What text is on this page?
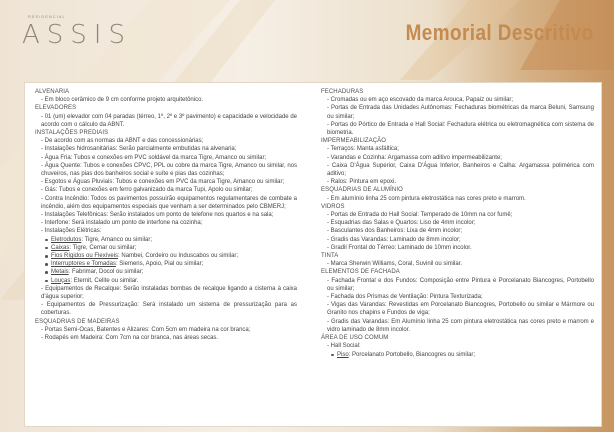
RESIDENCIAL
ASSIS	Memorial Descritivo
ALVENARIA
- Em bloco cerâmico de 9 cm conforme projeto arquitetônico.
ELEVADORES
- 01 (um) elevador com 04 paradas (térreo, 1º, 2º e 3º pavimento) e capacidade e velocidade de acordo com o cálculo da ABNT.
INSTALAÇÕES PREDIAIS
- De acordo com as normas da ABNT e das concessionárias;
- Instalações hidrosanitárias: Serão parcialmente embutidas na alvenaria;
- Água Fria: Tubos e conexões em PVC soldável da marca Tigre, Amanco ou similar;
- Água Quente: Tubos e conexões CPVC, PPL ou cobre da marca Tigre, Amanco ou similar, nos chuveiros, nas pias dos banheiros social e suíte e pias das cozinhas;
- Esgotos e Águas Pluviais: Tubos e conexões em PVC da marca Tigre, Amanco ou similar;
- Gás: Tubos e conexões em ferro galvanizado da marca Tupi, Apolo ou similar;
- Contra Incêndio: Todos os pavimentos possuirão equipamentos regulamentares de combate a incêndio, além dos equipamentos especiais que venham a ser determinados pelo CBMERJ;
- Instalações Telefônicas: Serão instalados um ponto de telefone nos quartos e na sala;
- Interfone: Será instalado um ponto de interfone na cozinha;
- Instalações Elétricas:
Eletrodutos: Tigre, Amanco ou similar;
Caixas: Tigre, Cemar ou similar;
Fios Rígidos ou Flexíveis: Nambei, Cordeiro ou Induscabos ou similar;
Interruptores e Tomadas: Siemens, Apoio, Pial ou similar;
Metais: Fabrimar, Docol ou similar;
Louças: Eternit, Celite ou similar.
- Equipamentos de Recalque: Serão instaladas bombas de recalque ligando a cisterna à caixa d'água superior;
- Equipamentos de Pressurização: Será instalado um sistema de pressurização para as coberturas.
ESQUADRIAS DE MADEIRAS
- Portas Semi-Ocas, Batentes e Alizares: Com 5cm em madeira na cor branca;
- Rodapés em Madeira: Com 7cm na cor branca, nas áreas secas.
FECHADURAS
- Cromadas ou em aço escovado da marca Arouca, Papaiz ou similar;
- Portas de Entrada das Unidades Autônomas: Fechaduras biométricas da marca Beluni, Samsung ou similar;
- Portas do Pórtico de Entrada e Hall Social: Fechadura elétrica ou eletromagnética com sistema de biometria.
IMPERMEABILIZAÇÃO
- Terraços: Manta asfáltica;
- Varandas e Cozinha: Argamassa com aditivo impermeabilizante;
- Caixa D'Água Superior, Caixa D'Água Inferior, Banheiros e Calha: Argamassa polimérica com aditivo;
- Ralos: Pintura em epoxi.
ESQUADRIAS DE ALUMÍNIO
- Em alumínio linha 25 com pintura eletrostática nas cores preto e marrom.
VIDROS
- Portas de Entrada do Hall Social: Temperado de 10mm na cor fumê;
- Esquadrias das Salas e Quartos: Liso de 4mm incolor;
- Basculantes dos Banheiros: Lixa de 4mm incolor;
- Gradis das Varandas: Laminado de 8mm incolor;
- Gradil Frontal do Térreo: Laminado de 10mm incolor.
TINTA
- Marca Sherwin Williams, Coral, Suvinil ou similar.
ELEMENTOS DE FACHADA
- Fachada Frontal e dos Fundos: Composição entre Pintura e Porcelanato Biancogres, Portobello ou similar;
- Fachada dos Prismas de Ventilação: Pintura Texturizada;
- Vigas das Varandas: Revestidas em Porcelanato Biancogres, Portobello ou similar e Mármore ou Granito nos chapins e Fundos de viga;
- Gradis das Varandas: Em Alumínio linha 25 com pintura eletrostática nas cores preto e marrom e vidro laminado de 8mm incolor.
ÁREA DE USO COMUM
- Hall Social:
Piso: Porcelanato Portobello, Biancogres ou similar;
